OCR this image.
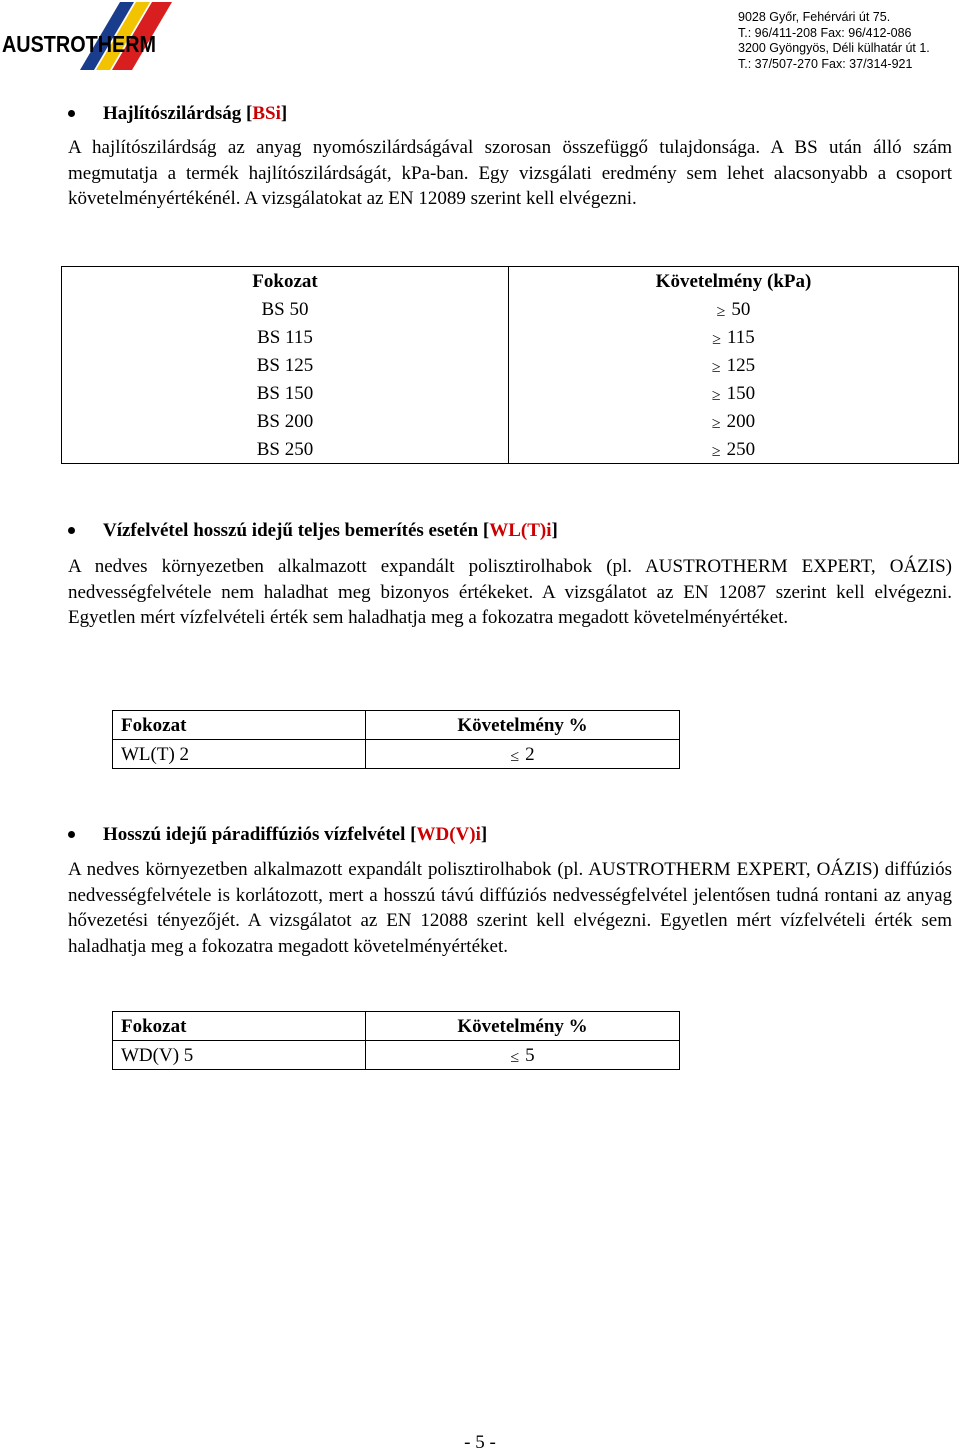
AUSTROTHERM
9028 Győr, Fehérvári út 75.
T.: 96/411-208 Fax: 96/412-086
3200 Gyöngyös, Déli külhatár út 1.
T.: 37/507-270 Fax: 37/314-921
Hajlítószilárdság [BSi]
A hajlítószilárdság az anyag nyomószilárdságával szorosan összefüggő tulajdonsága. A BS után álló szám megmutatja a termék hajlítószilárdságát, kPa-ban. Egy vizsgálati eredmény sem lehet alacsonyabb a csoport követelményértékénél. A vizsgálatokat az EN 12089 szerint kell elvégezni.
Fokozat	Követelmény (kPa)
BS 50	≥ 50
BS 115	≥ 115
BS 125	≥ 125
BS 150	≥ 150
BS 200	≥ 200
BS 250	≥ 250
Vízfelvétel hosszú idejű teljes bemerítés esetén [WL(T)i]
A nedves környezetben alkalmazott expandált polisztirolhabok (pl. AUSTROTHERM EXPERT, OÁZIS) nedvességfelvétele nem haladhat meg bizonyos értékeket. A vizsgálatot az EN 12087 szerint kell elvégezni. Egyetlen mért vízfelvételi érték sem haladhatja meg a fokozatra megadott követelményértéket.
Fokozat	Követelmény %
WL(T) 2	≤ 2
Hosszú idejű páradiffúziós vízfelvétel [WD(V)i]
A nedves környezetben alkalmazott expandált polisztirolhabok (pl. AUSTROTHERM EXPERT, OÁZIS) diffúziós nedvességfelvétele is korlátozott, mert a hosszú távú diffúziós nedvességfelvétel jelentősen tudná rontani az anyag hővezetési tényezőjét. A vizsgálatot az EN 12088 szerint kell elvégezni. Egyetlen mért vízfelvételi érték sem haladhatja meg a fokozatra megadott követelményértéket.
Fokozat	Követelmény %
WD(V) 5	≤ 5
- 5 -
